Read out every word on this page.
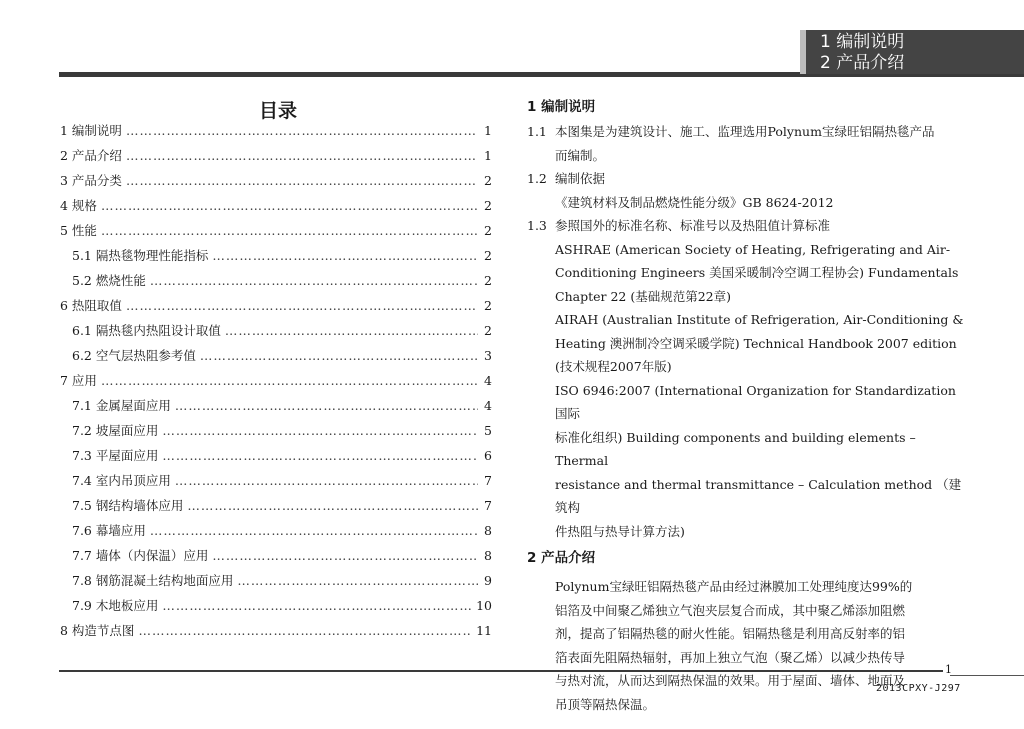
1 编制说明
2 产品介绍
目录
1 编制说明 …………………………………………………………………………………………………………………………	1
2 产品介绍 …………………………………………………………………………………………………………………………	1
3 产品分类 …………………………………………………………………………………………………………………………	2
4 规格 …………………………………………………………………………………………………………………………	2
5 性能 …………………………………………………………………………………………………………………………	2
5.1 隔热毯物理性能指标 …………………………………………………………………………………………………………………………	2
5.2 燃烧性能 …………………………………………………………………………………………………………………………	2
6 热阻取值 …………………………………………………………………………………………………………………………	2
6.1 隔热毯内热阻设计取值 …………………………………………………………………………………………………………………………	2
6.2 空气层热阻参考值 …………………………………………………………………………………………………………………………	3
7 应用 …………………………………………………………………………………………………………………………	4
7.1 金属屋面应用 …………………………………………………………………………………………………………………………	4
7.2 坡屋面应用 …………………………………………………………………………………………………………………………	5
7.3 平屋面应用 …………………………………………………………………………………………………………………………	6
7.4 室内吊顶应用 …………………………………………………………………………………………………………………………	7
7.5 钢结构墙体应用 …………………………………………………………………………………………………………………………	7
7.6 幕墙应用 …………………………………………………………………………………………………………………………	8
7.7 墙体（内保温）应用 …………………………………………………………………………………………………………………………	8
7.8 钢筋混凝土结构地面应用 …………………………………………………………………………………………………………………………	9
7.9 木地板应用 …………………………………………………………………………………………………………………………	10
8 构造节点图 …………………………………………………………………………………………………………………………	11
1 编制说明
1.1 本图集是为建筑设计、施工、监理选用Polynum宝绿旺铝隔热毯产品
而编制。
1.2 编制依据
《建筑材料及制品燃烧性能分级》GB 8624-2012
1.3 参照国外的标准名称、标准号以及热阻值计算标准
ASHRAE (American Society of Heating, Refrigerating and Air-
Conditioning Engineers 美国采暖制冷空调工程协会) Fundamentals
Chapter 22 (基础规范第22章)
AIRAH (Australian Institute of Refrigeration, Air-Conditioning &
Heating 澳洲制冷空调采暖学院) Technical Handbook 2007 edition
(技术规程2007年版)
ISO 6946:2007 (International Organization for Standardization 国际
标准化组织) Building components and building elements – Thermal
resistance and thermal transmittance – Calculation method （建筑构
件热阻与热导计算方法)
2 产品介绍
Polynum宝绿旺铝隔热毯产品由经过淋膜加工处理纯度达99%的
铝箔及中间聚乙烯独立气泡夹层复合而成，其中聚乙烯添加阻燃
剂，提高了铝隔热毯的耐火性能。铝隔热毯是利用高反射率的铝
箔表面先阻隔热辐射，再加上独立气泡（聚乙烯）以减少热传导
与热对流，从而达到隔热保温的效果。用于屋面、墙体、地面及
吊顶等隔热保温。
1
2013CPXY-J297
